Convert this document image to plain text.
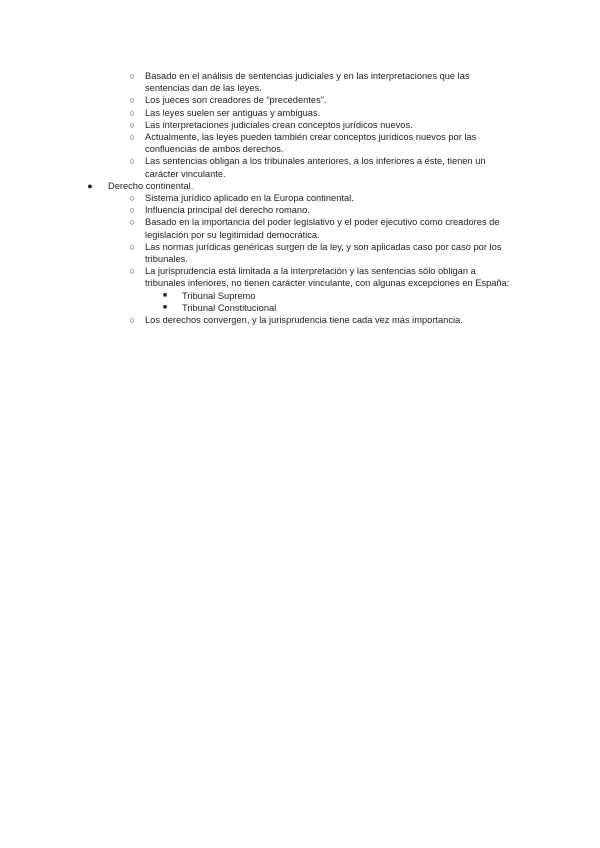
○	Basado en el análisis de sentencias judiciales y en las interpretaciones que las sentencias dan de las leyes.
○	Los jueces son creadores de “precedentes”.
○	Las leyes suelen ser antiguas y ambiguas.
○	Las interpretaciones judiciales crean conceptos jurídicos nuevos.
○	Actualmente, las leyes pueden también crear conceptos jurídicos nuevos por las confluencias de ambos derechos.
○	Las sentencias obligan a los tribunales anteriores, a los inferiores a éste, tienen un carácter vinculante.
●	Derecho continental.
○	Sistema jurídico aplicado en la Europa continental.
○	Influencia principal del derecho romano.
○	Basado en la importancia del poder legislativo y el poder ejecutivo como creadores de legislación por su legitimidad democrática.
○	Las normas jurídicas genéricas surgen de la ley, y son aplicadas caso por caso por los tribunales.
○	La jurisprudencia está limitada a la interpretación y las sentencias sólo obligan a tribunales inferiores, no tienen carácter vinculante, con algunas excepciones en España:
■	Tribunal Supremo
■	Tribunal Constitucional
○	Los derechos convergen, y la jurisprudencia tiene cada vez más importancia.
